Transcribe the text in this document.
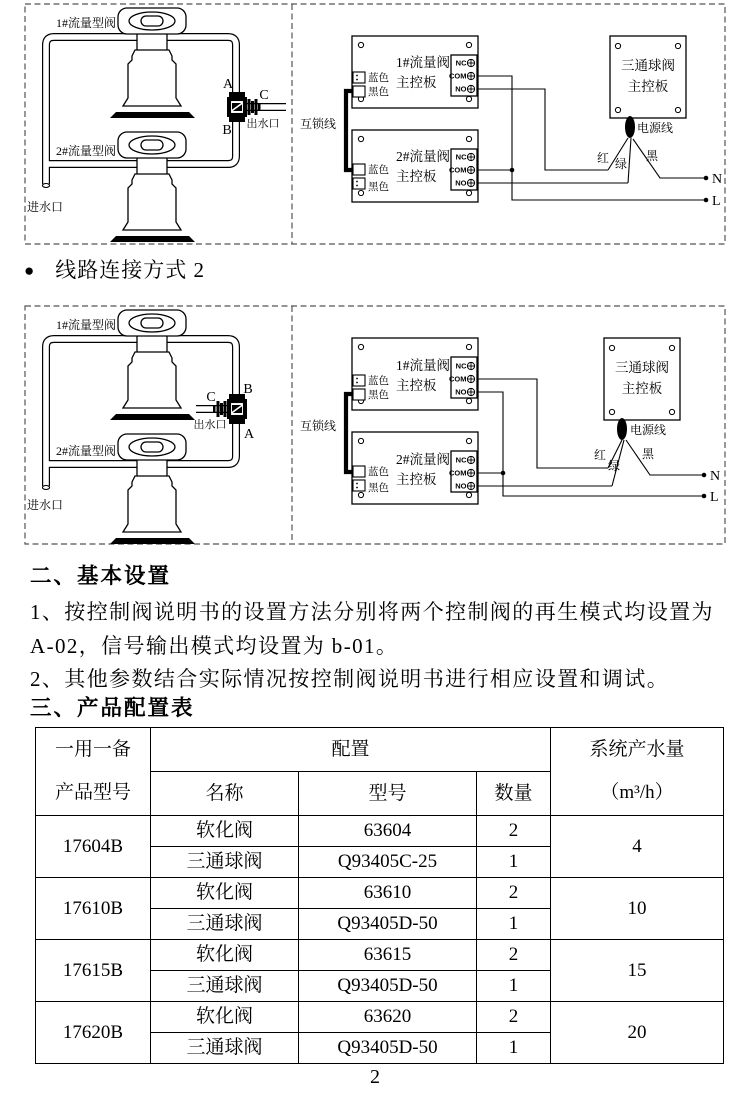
1#流量型阀
2#流量型阀
进水口
出水口
A
B
C
1#流量阀
主控板
NC
COM
NO
蓝色
黑色
2#流量阀
主控板
NC
COM
NO
蓝色
黑色
互锁线
三通球阀
主控板
电源线
红 绿
黑
N
L
● 线路连接方式 2
1#流量型阀
2#流量型阀
进水口
出水口
A
B
C
1#流量阀
主控板
NC
COM
NO
蓝色
黑色
2#流量阀
主控板
NC
COM
NO
蓝色
黑色
互锁线
三通球阀
主控板
电源线
红
绿
黑
N
L
二、基本设置
1、按控制阀说明书的设置方法分别将两个控制阀的再生模式均设置为
A-02，信号输出模式均设置为 b-01。
2、其他参数结合实际情况按控制阀说明书进行相应设置和调试。
三、产品配置表
一用一备
产品型号
	配置	系统产水量
（m³/h）

	名称	型号	数量	
17604B	软化阀	63604	2	4
	三通球阀	Q93405C-25	1	
17610B	软化阀	63610	2	10
	三通球阀	Q93405D-50	1	
17615B	软化阀	63615	2	15
	三通球阀	Q93405D-50	1	
17620B	软化阀	63620	2	20
	三通球阀	Q93405D-50	1	
2
